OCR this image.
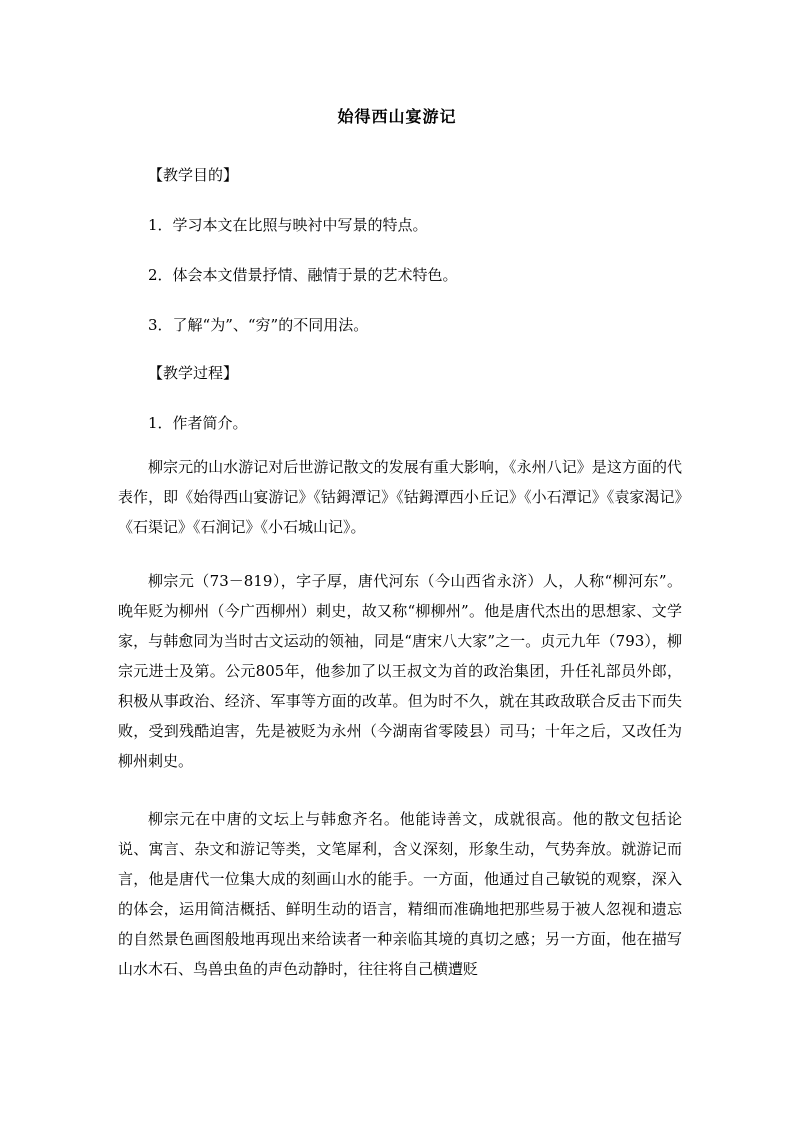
始得西山宴游记
【教学目的】
1．学习本文在比照与映衬中写景的特点。
2．体会本文借景抒情、融情于景的艺术特色。
3．了解“为”、“穷”的不同用法。
【教学过程】
1．作者简介。

柳宗元的山水游记对后世游记散文的发展有重大影响，《永州八记》是这方面的代表作，即《始得西山宴游记》《钴鉧潭记》《钴鉧潭西小丘记》《小石潭记》《袁家渴记》《石渠记》《石涧记》《小石城山记》。

柳宗元（73－819），字子厚，唐代河东（今山西省永济）人，人称“柳河东”。晚年贬为柳州（今广西柳州）刺史，故又称“柳柳州”。他是唐代杰出的思想家、文学家，与韩愈同为当时古文运动的领袖，同是“唐宋八大家”之一。贞元九年（793），柳宗元进士及第。公元805年，他参加了以王叔文为首的政治集团，升任礼部员外郎，积极从事政治、经济、军事等方面的改革。但为时不久，就在其政敌联合反击下而失败，受到残酷迫害，先是被贬为永州（今湖南省零陵县）司马；十年之后，又改任为柳州刺史。

柳宗元在中唐的文坛上与韩愈齐名。他能诗善文，成就很高。他的散文包括论说、寓言、杂文和游记等类，文笔犀利，含义深刻，形象生动，气势奔放。就游记而言，他是唐代一位集大成的刻画山水的能手。一方面，他通过自己敏锐的观察，深入的体会，运用简洁概括、鲜明生动的语言，精细而准确地把那些易于被人忽视和遗忘的自然景色画图般地再现出来给读者一种亲临其境的真切之感；另一方面，他在描写山水木石、鸟兽虫鱼的声色动静时，往往将自己横遭贬
